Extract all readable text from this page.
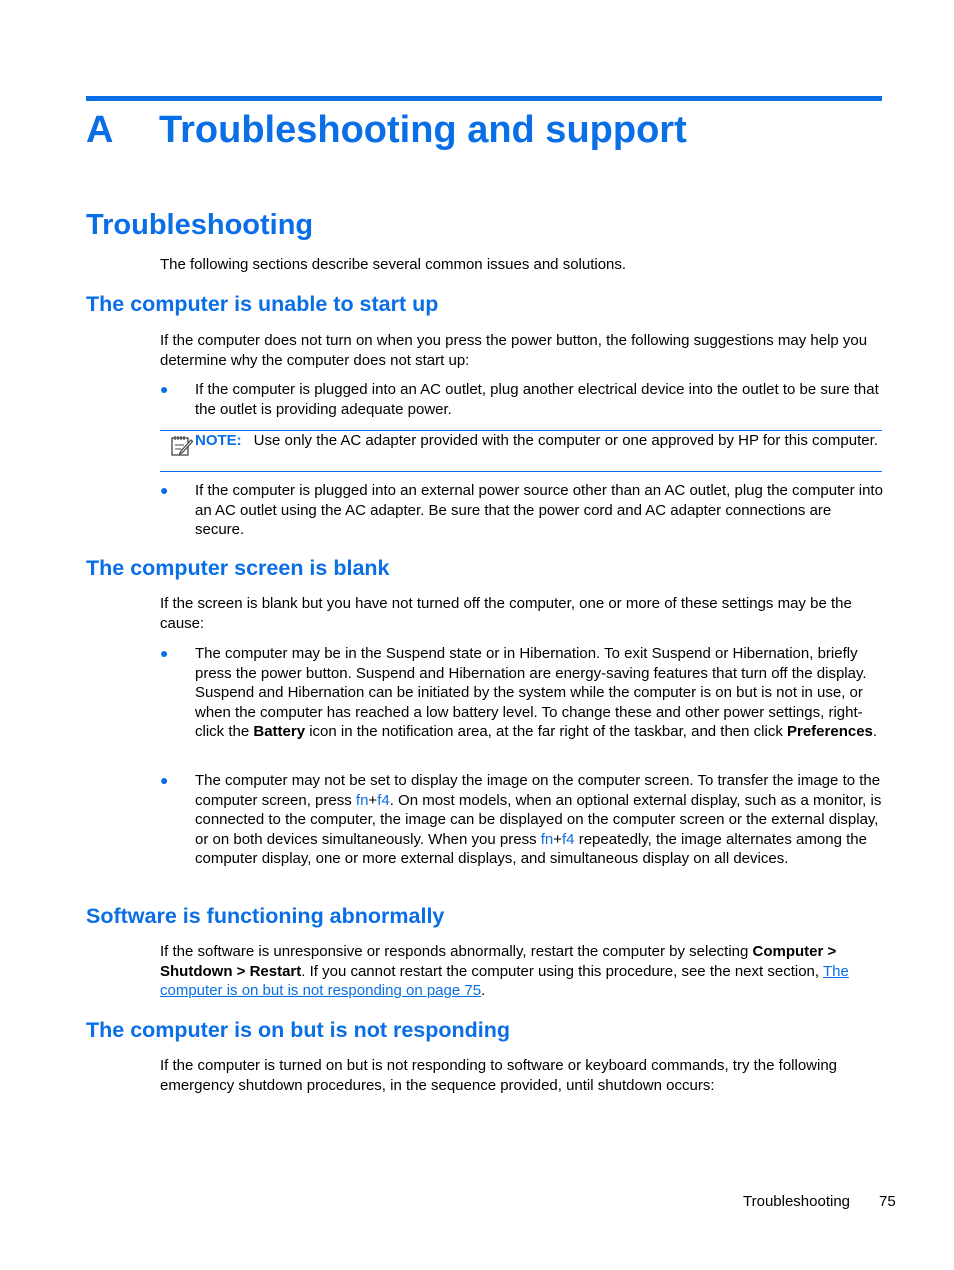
A Troubleshooting and support
Troubleshooting

The following sections describe several common issues and solutions.

The computer is unable to start up

If the computer does not turn on when you press the power button, the following suggestions may help you determine why the computer does not start up:

● If the computer is plugged into an AC outlet, plug another electrical device into the outlet to be sure that the outlet is providing adequate power.
NOTE: Use only the AC adapter provided with the computer or one approved by HP for this computer.
● If the computer is plugged into an external power source other than an AC outlet, plug the computer into an AC outlet using the AC adapter. Be sure that the power cord and AC adapter connections are secure.
The computer screen is blank

If the screen is blank but you have not turned off the computer, one or more of these settings may be the cause:

● The computer may be in the Suspend state or in Hibernation. To exit Suspend or Hibernation, briefly press the power button. Suspend and Hibernation are energy-saving features that turn off the display. Suspend and Hibernation can be initiated by the system while the computer is on but is not in use, or when the computer has reached a low battery level. To change these and other power settings, right-click the Battery icon in the notification area, at the far right of the taskbar, and then click Preferences.
● The computer may not be set to display the image on the computer screen. To transfer the image to the computer screen, press fn+f4. On most models, when an optional external display, such as a monitor, is connected to the computer, the image can be displayed on the computer screen or the external display, or on both devices simultaneously. When you press fn+f4 repeatedly, the image alternates among the computer display, one or more external displays, and simultaneous display on all devices.
Software is functioning abnormally

If the software is unresponsive or responds abnormally, restart the computer by selecting Computer > Shutdown > Restart. If you cannot restart the computer using this procedure, see the next section, The computer is on but is not responding on page 75.

The computer is on but is not responding

If the computer is turned on but is not responding to software or keyboard commands, try the following emergency shutdown procedures, in the sequence provided, until shutdown occurs:

Troubleshooting 75
